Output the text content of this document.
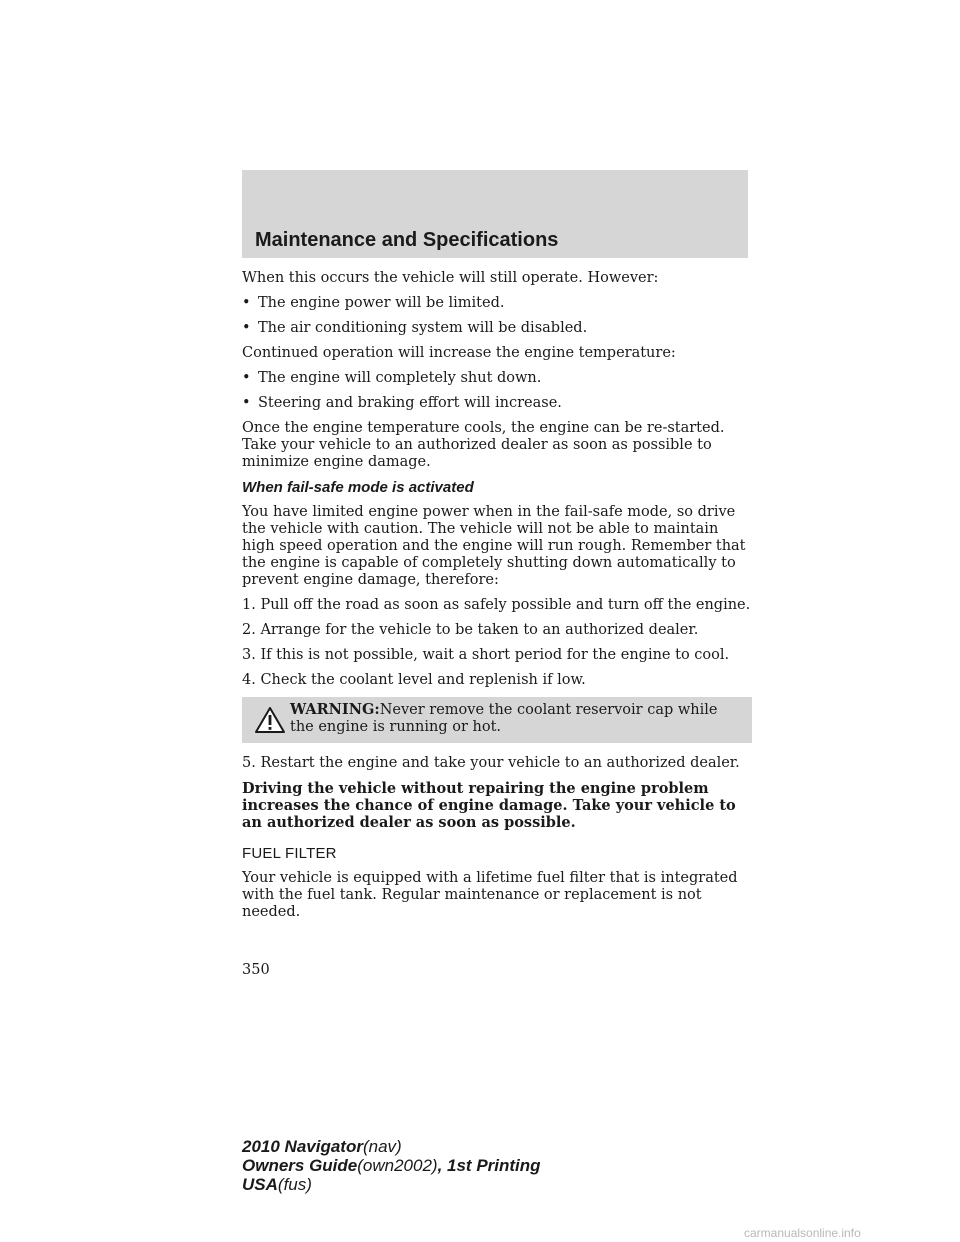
Maintenance and Specifications

When this occurs the vehicle will still operate. However:

• The engine power will be limited.
• The air conditioning system will be disabled.

Continued operation will increase the engine temperature:

• The engine will completely shut down.
• Steering and braking effort will increase.

Once the engine temperature cools, the engine can be re-started. Take your vehicle to an authorized dealer as soon as possible to minimize engine damage.

When fail-safe mode is activated

You have limited engine power when in the fail-safe mode, so drive the vehicle with caution. The vehicle will not be able to maintain high speed operation and the engine will run rough. Remember that the engine is capable of completely shutting down automatically to prevent engine damage, therefore:

1. Pull off the road as soon as safely possible and turn off the engine.

2. Arrange for the vehicle to be taken to an authorized dealer.

3. If this is not possible, wait a short period for the engine to cool.

4. Check the coolant level and replenish if low.

WARNING:Never remove the coolant reservoir cap while the engine is running or hot.

5. Restart the engine and take your vehicle to an authorized dealer.

Driving the vehicle without repairing the engine problem increases the chance of engine damage. Take your vehicle to an authorized dealer as soon as possible.

FUEL FILTER

Your vehicle is equipped with a lifetime fuel filter that is integrated with the fuel tank. Regular maintenance or replacement is not needed.

350
2010 Navigator(nav)
Owners Guide(own2002), 1st Printing
USA(fus)
carmanualsonline.info
